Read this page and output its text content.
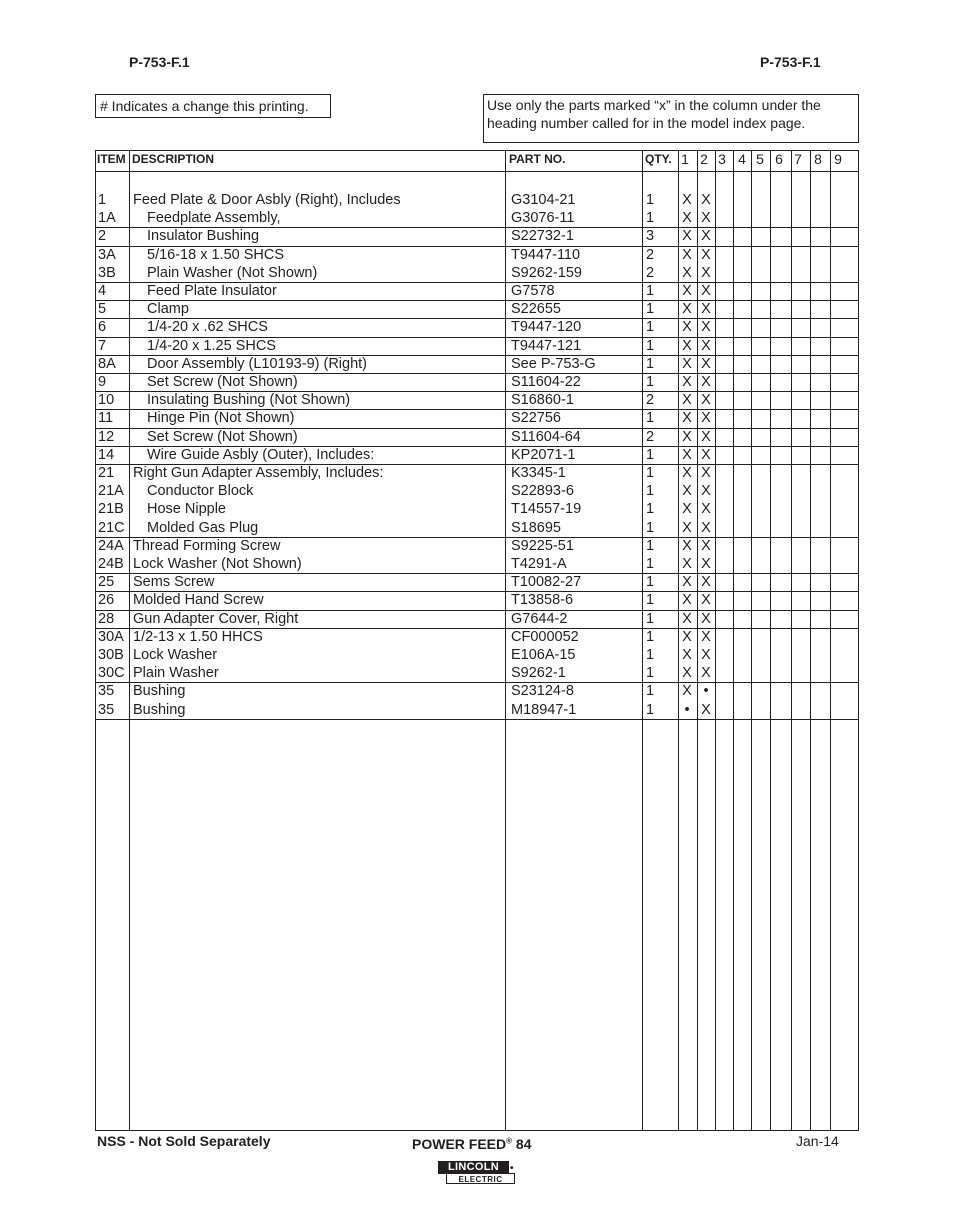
P-753-F.1	P-753-F.1
# Indicates a change this printing.	Use only the parts marked “x” in the column under the
heading number called for in the model index page.
ITEM DESCRIPTION	PART NO.	QTY. 1 2 3 4 5 6 7 8 9
1 Feed Plate & Door Asbly (Right), Includes	G3104-21	1 X X
1A Feedplate Assembly,	G3076-11	1 X X
2	Insulator Bushing	S22732-1	3 X X
3A 5/16-18 x 1.50 SHCS	T9447-110	2 X X
3B Plain Washer (Not Shown)	S9262-159	2 X X
4	Feed Plate Insulator	G7578	1 X X
5	Clamp	S22655	1 X X
6	1/4-20 x .62 SHCS	T9447-120	1 X X
7	1/4-20 x 1.25 SHCS	T9447-121	1 X X
8A Door Assembly (L10193-9) (Right)	See P-753-G	1 X X
9	Set Screw (Not Shown)	S11604-22	1 X X
10 Insulating Bushing (Not Shown)	S16860-1	2 X X
11 Hinge Pin (Not Shown)	S22756	1 X X
12 Set Screw (Not Shown)	S11604-64	2 X X
14 Wire Guide Asbly (Outer), Includes:	KP2071-1	1 X X
21 Right Gun Adapter Assembly, Includes:	K3345-1	1 X X
21A Conductor Block	S22893-6	1 X X
21B Hose Nipple	T14557-19	1 X X
21C Molded Gas Plug	S18695	1 X X
24A Thread Forming Screw	S9225-51	1 X X
24B Lock Washer (Not Shown)	T4291-A	1 X X
25 Sems Screw	T10082-27	1 X X
26 Molded Hand Screw	T13858-6	1 X X
28 Gun Adapter Cover, Right	G7644-2	1 X X
30A 1/2-13 x 1.50 HHCS	CF000052	1 X X
30B Lock Washer	E106A-15	1 X X
30C Plain Washer	S9262-1	1 X X
35 Bushing	S23124-8	1 X •
35 Bushing	M18947-1	1	• X
NSS - Not Sold Separately	POWER FEED® 84	Jan-14
LINCOLN	•
ELECTRIC
